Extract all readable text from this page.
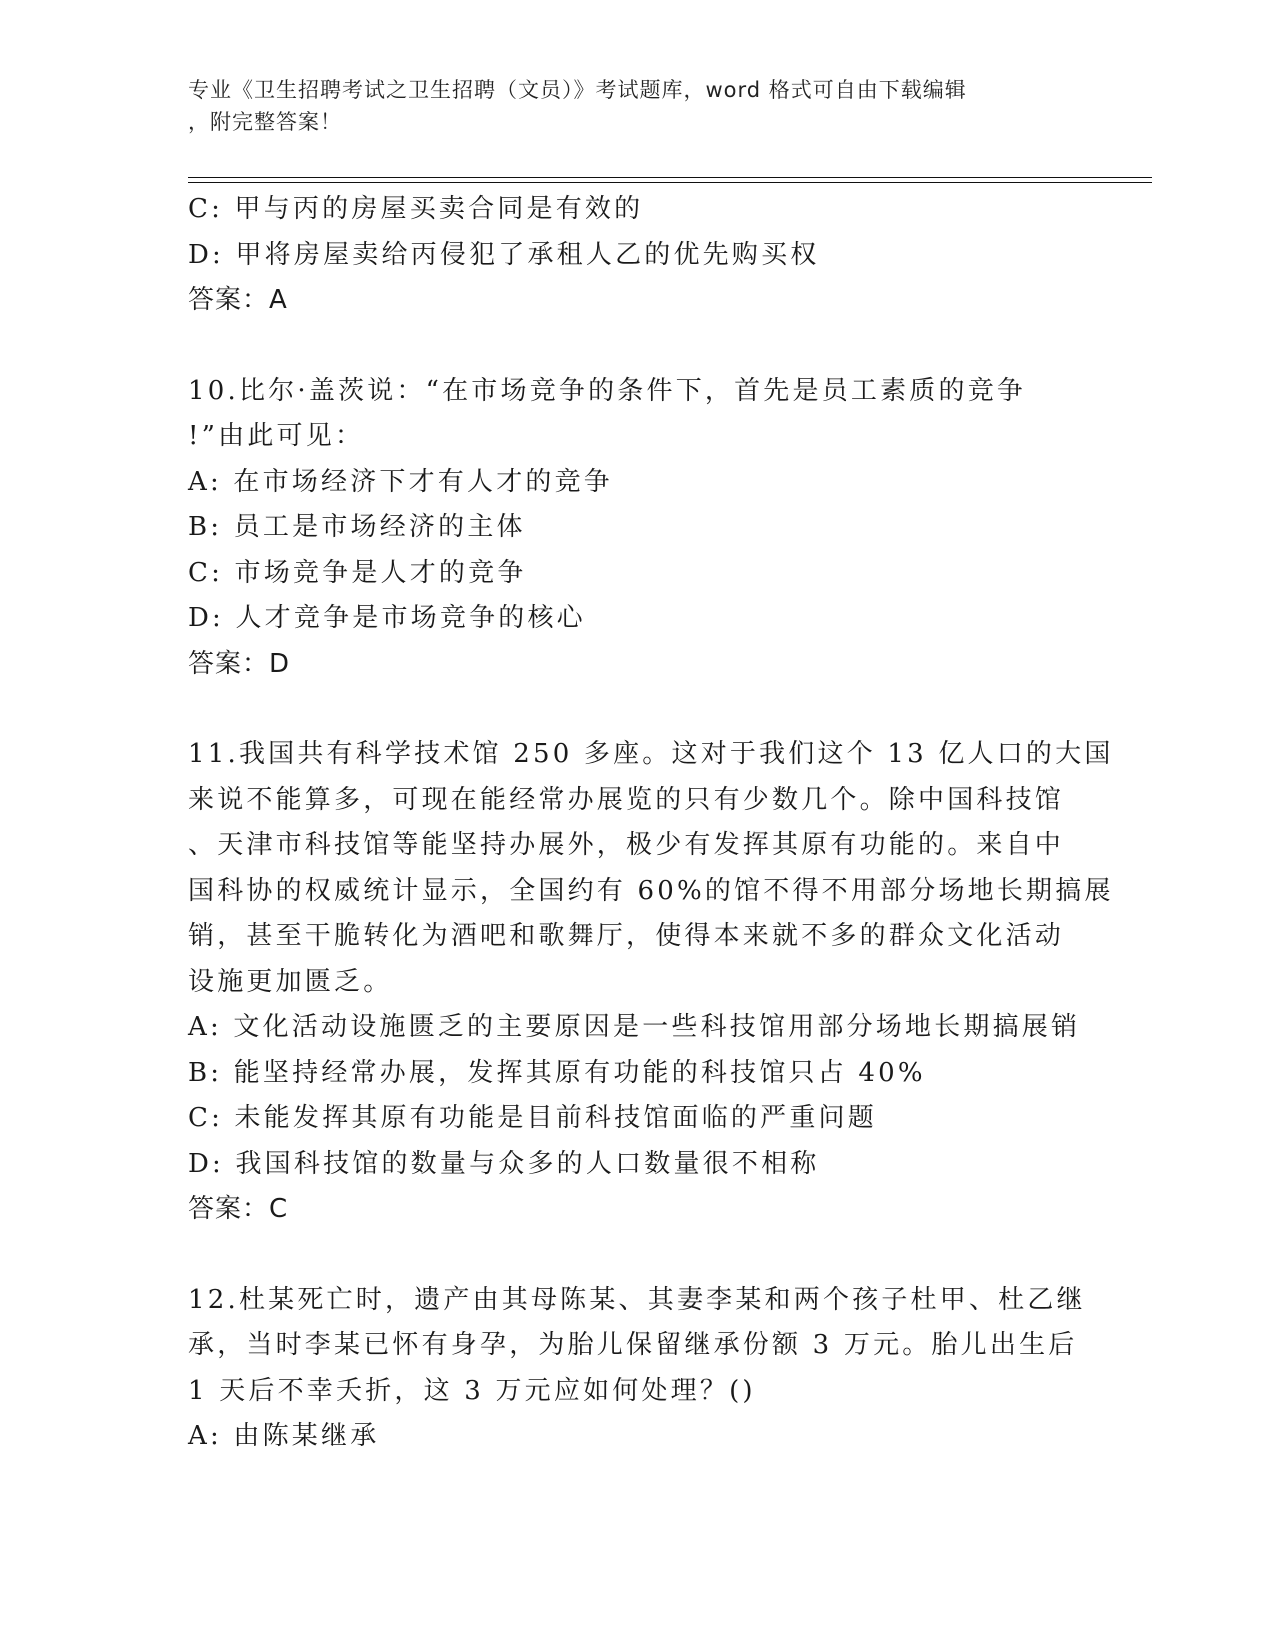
专业《卫生招聘考试之卫生招聘（文员）》考试题库，word 格式可自由下载编辑
，附完整答案！
C: 甲与丙的房屋买卖合同是有效的
D: 甲将房屋卖给丙侵犯了承租人乙的优先购买权
答案：A
10.比尔·盖茨说：“在市场竞争的条件下，首先是员工素质的竞争
!”由此可见：
A: 在市场经济下才有人才的竞争
B: 员工是市场经济的主体
C: 市场竞争是人才的竞争
D: 人才竞争是市场竞争的核心
答案：D
11.我国共有科学技术馆 250 多座。这对于我们这个 13 亿人口的大国
来说不能算多，可现在能经常办展览的只有少数几个。除中国科技馆
、天津市科技馆等能坚持办展外，极少有发挥其原有功能的。来自中
国科协的权威统计显示，全国约有 60%的馆不得不用部分场地长期搞展
销，甚至干脆转化为酒吧和歌舞厅，使得本来就不多的群众文化活动
设施更加匮乏。
A: 文化活动设施匮乏的主要原因是一些科技馆用部分场地长期搞展销
B: 能坚持经常办展，发挥其原有功能的科技馆只占 40%
C: 未能发挥其原有功能是目前科技馆面临的严重问题
D: 我国科技馆的数量与众多的人口数量很不相称
答案：C
12.杜某死亡时，遗产由其母陈某、其妻李某和两个孩子杜甲、杜乙继
承，当时李某已怀有身孕，为胎儿保留继承份额 3 万元。胎儿出生后
1 天后不幸夭折，这 3 万元应如何处理？()
A: 由陈某继承
